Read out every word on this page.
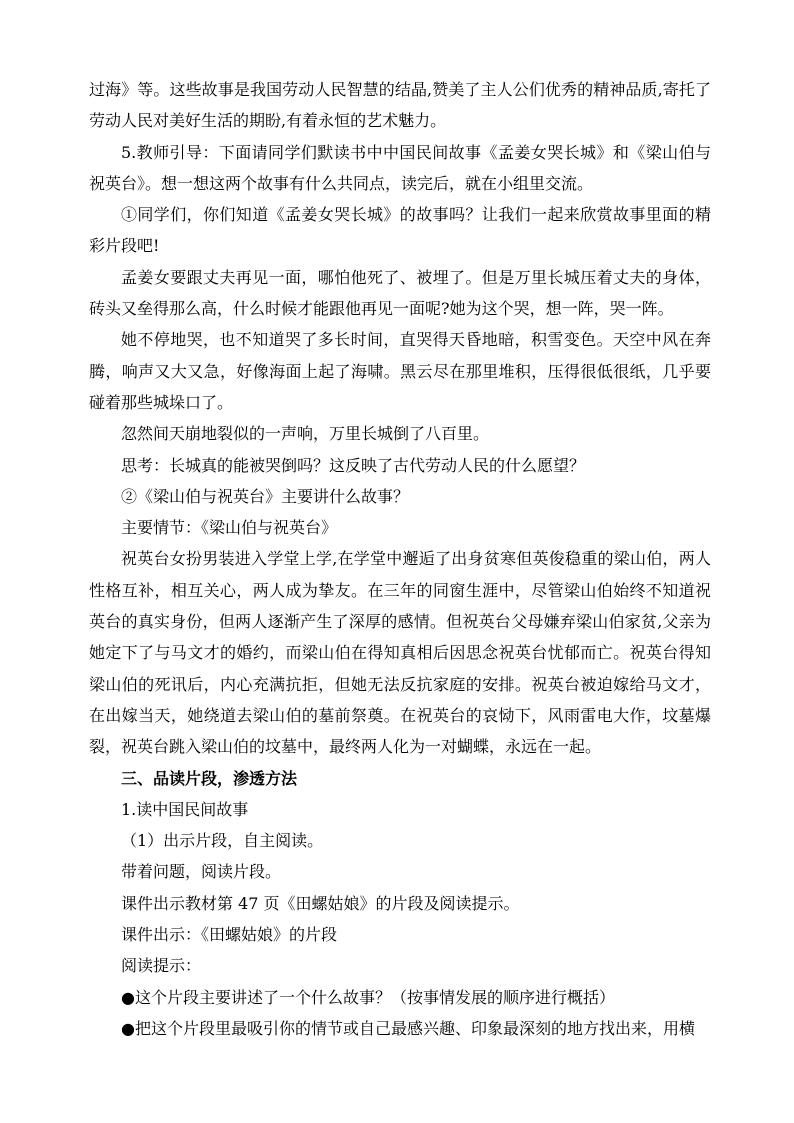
过海》等。这些故事是我国劳动人民智慧的结晶,赞美了主人公们优秀的精神品质,寄托了劳动人民对美好生活的期盼,有着永恒的艺术魅力。

5.教师引导：下面请同学们默读书中中国民间故事《孟姜女哭长城》和《梁山伯与祝英台》。想一想这两个故事有什么共同点，读完后，就在小组里交流。

①同学们，你们知道《孟姜女哭长城》的故事吗？让我们一起来欣赏故事里面的精彩片段吧!

孟姜女要跟丈夫再见一面，哪怕他死了、被埋了。但是万里长城压着丈夫的身体，砖头又垒得那么高，什么时候才能跟他再见一面呢?她为这个哭，想一阵，哭一阵。

她不停地哭，也不知道哭了多长时间，直哭得天昏地暗，积雪变色。天空中风在奔腾，响声又大又急，好像海面上起了海啸。黑云尽在那里堆积，压得很低很纸，几乎要碰着那些城垛口了。

忽然间天崩地裂似的一声响，万里长城倒了八百里。

思考：长城真的能被哭倒吗？这反映了古代劳动人民的什么愿望？

②《梁山伯与祝英台》主要讲什么故事？

主要情节：《梁山伯与祝英台》

祝英台女扮男装进入学堂上学,在学堂中邂逅了出身贫寒但英俊稳重的梁山伯，两人性格互补，相互关心，两人成为挚友。在三年的同窗生涯中，尽管梁山伯始终不知道祝英台的真实身份，但两人逐渐产生了深厚的感情。但祝英台父母嫌弃梁山伯家贫,父亲为她定下了与马文才的婚约，而梁山伯在得知真相后因思念祝英台忧郁而亡。祝英台得知梁山伯的死讯后，内心充满抗拒，但她无法反抗家庭的安排。祝英台被迫嫁给马文才，在出嫁当天，她绕道去梁山伯的墓前祭奠。在祝英台的哀恸下，风雨雷电大作，坟墓爆裂，祝英台跳入梁山伯的坟墓中，最终两人化为一对蝴蝶，永远在一起。

三、品读片段，渗透方法

1.读中国民间故事

（1）出示片段，自主阅读。

带着问题，阅读片段。

课件出示教材第 47 页《田螺姑娘》的片段及阅读提示。

课件出示：《田螺姑娘》的片段

阅读提示：

●这个片段主要讲述了一个什么故事？（按事情发展的顺序进行概括）

●把这个片段里最吸引你的情节或自己最感兴趣、印象最深刻的地方找出来，用横
